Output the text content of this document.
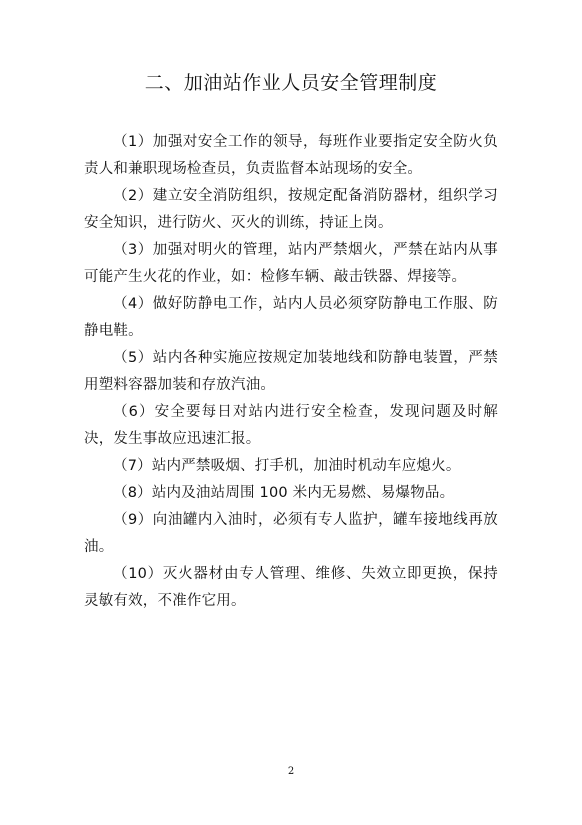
二、加油站作业人员安全管理制度

（1）加强对安全工作的领导，每班作业要指定安全防火负责人和兼职现场检查员，负责监督本站现场的安全。

（2）建立安全消防组织，按规定配备消防器材，组织学习安全知识，进行防火、灭火的训练，持证上岗。

（3）加强对明火的管理，站内严禁烟火，严禁在站内从事可能产生火花的作业，如：检修车辆、敲击铁器、焊接等。

（4）做好防静电工作，站内人员必须穿防静电工作服、防静电鞋。

（5）站内各种实施应按规定加装地线和防静电装置，严禁用塑料容器加装和存放汽油。

（6）安全要每日对站内进行安全检查，发现问题及时解决，发生事故应迅速汇报。

（7）站内严禁吸烟、打手机，加油时机动车应熄火。

（8）站内及油站周围 100 米内无易燃、易爆物品。

（9）向油罐内入油时，必须有专人监护，罐车接地线再放油。

（10）灭火器材由专人管理、维修、失效立即更换，保持灵敏有效，不准作它用。

2
